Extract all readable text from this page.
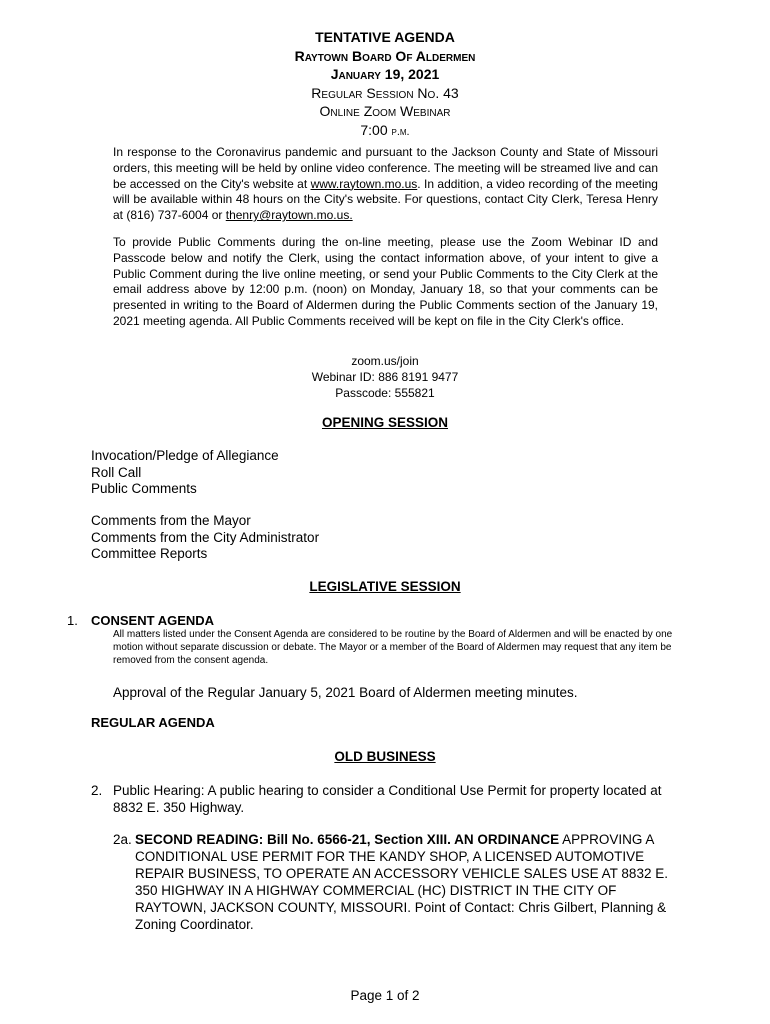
TENTATIVE AGENDA
Raytown Board Of Aldermen
January 19, 2021
Regular Session No. 43
Online Zoom Webinar
7:00 p.m.

In response to the Coronavirus pandemic and pursuant to the Jackson County and State of Missouri orders, this meeting will be held by online video conference. The meeting will be streamed live and can be accessed on the City's website at www.raytown.mo.us. In addition, a video recording of the meeting will be available within 48 hours on the City's website. For questions, contact City Clerk, Teresa Henry at (816) 737-6004 or thenry@raytown.mo.us.

To provide Public Comments during the on-line meeting, please use the Zoom Webinar ID and Passcode below and notify the Clerk, using the contact information above, of your intent to give a Public Comment during the live online meeting, or send your Public Comments to the City Clerk at the email address above by 12:00 p.m. (noon) on Monday, January 18, so that your comments can be presented in writing to the Board of Aldermen during the Public Comments section of the January 19, 2021 meeting agenda. All Public Comments received will be kept on file in the City Clerk's office.

zoom.us/join
Webinar ID: 886 8191 9477
Passcode: 555821
OPENING SESSION
Invocation/Pledge of Allegiance
Roll Call
Public Comments
Comments from the Mayor
Comments from the City Administrator
Committee Reports
LEGISLATIVE SESSION
1. CONSENT AGENDA
All matters listed under the Consent Agenda are considered to be routine by the Board of Aldermen and will be enacted by one motion without separate discussion or debate. The Mayor or a member of the Board of Aldermen may request that any item be removed from the consent agenda.
Approval of the Regular January 5, 2021 Board of Aldermen meeting minutes.
REGULAR AGENDA
OLD BUSINESS
2. Public Hearing: A public hearing to consider a Conditional Use Permit for property located at 8832 E. 350 Highway.
2a. SECOND READING: Bill No. 6566-21, Section XIII. AN ORDINANCE APPROVING A CONDITIONAL USE PERMIT FOR THE KANDY SHOP, A LICENSED AUTOMOTIVE REPAIR BUSINESS, TO OPERATE AN ACCESSORY VEHICLE SALES USE AT 8832 E. 350 HIGHWAY IN A HIGHWAY COMMERCIAL (HC) DISTRICT IN THE CITY OF RAYTOWN, JACKSON COUNTY, MISSOURI. Point of Contact: Chris Gilbert, Planning & Zoning Coordinator.
Page 1 of 2
